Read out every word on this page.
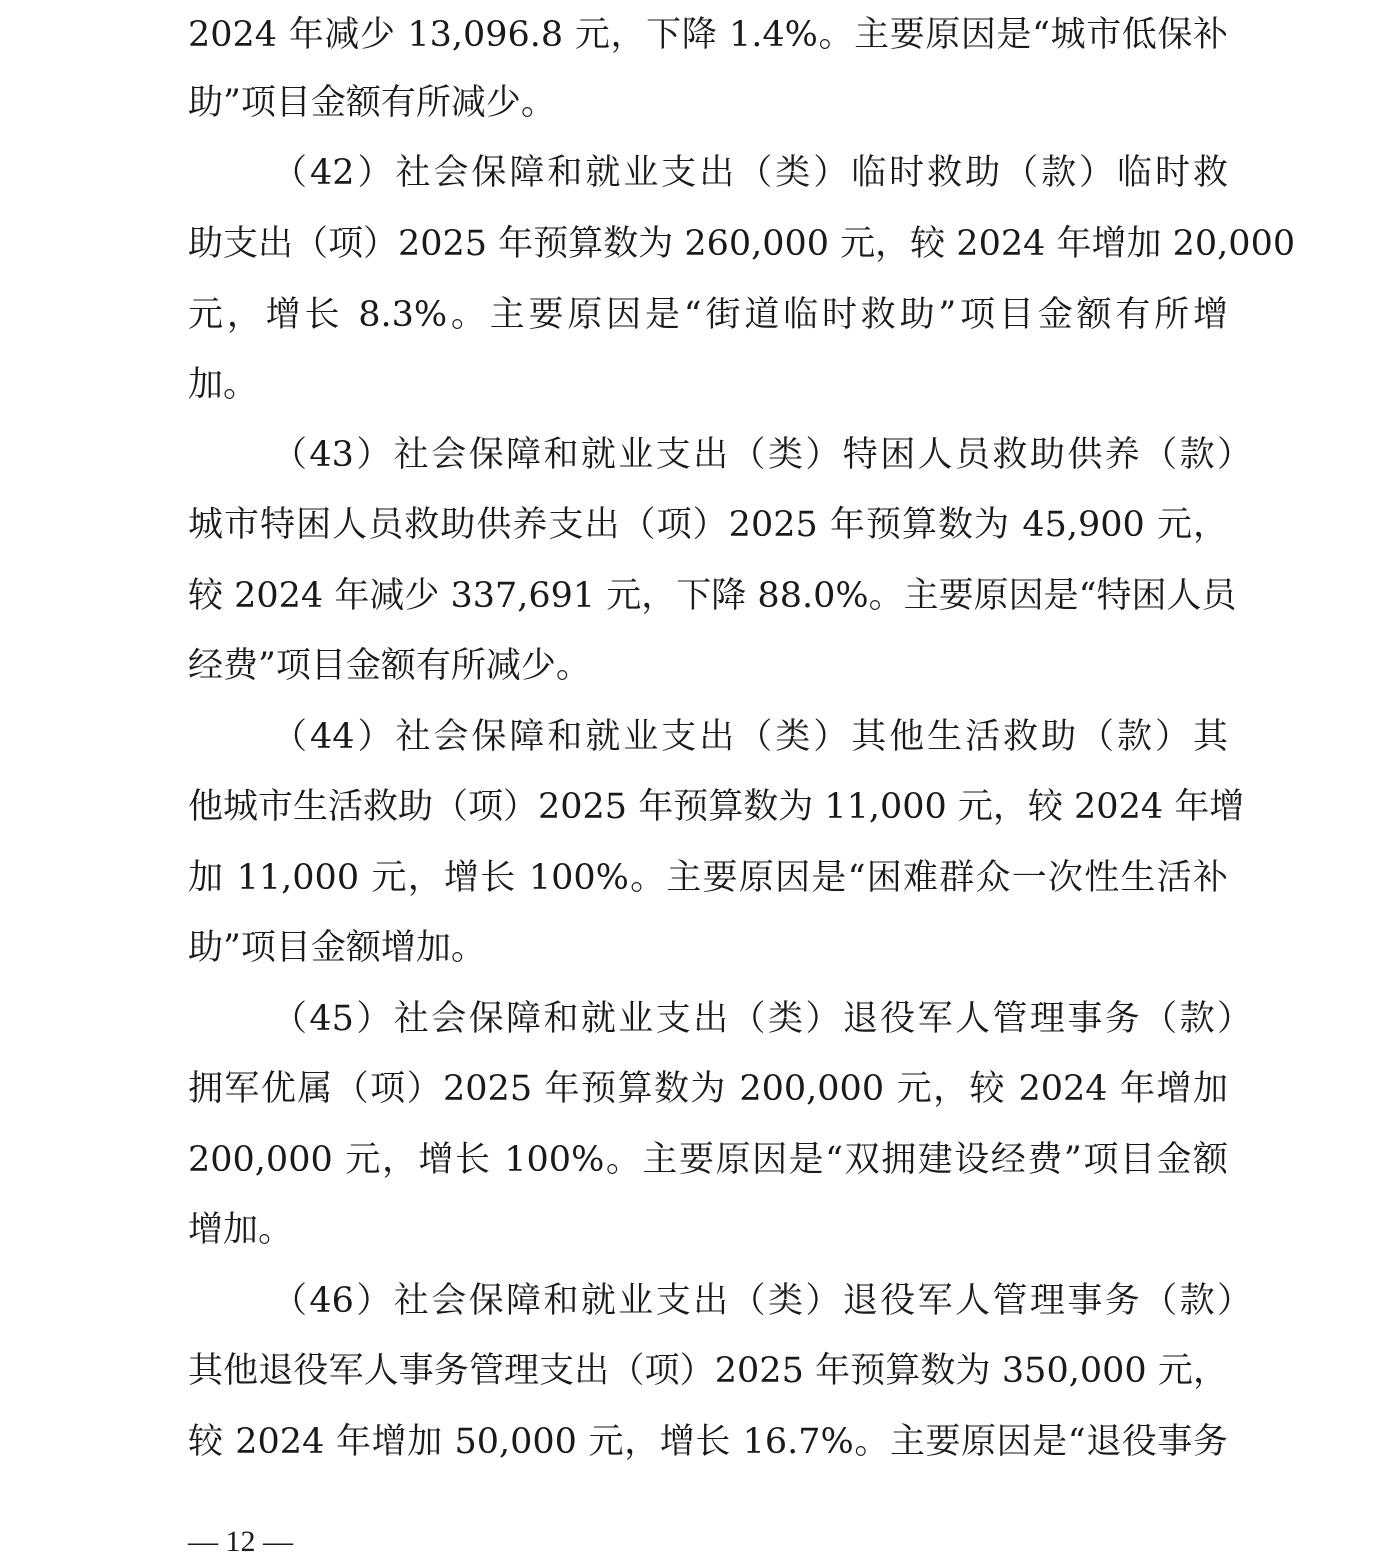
2024 年减少 13,096.8 元，下降 1.4%。主要原因是“城市低保补
助”项目金额有所减少。
（42）社会保障和就业支出（类）临时救助（款）临时救
助支出（项）2025 年预算数为 260,000 元，较 2024 年增加 20,000
元，增长 8.3%。主要原因是“街道临时救助”项目金额有所增
加。
（43）社会保障和就业支出（类）特困人员救助供养（款）
城市特困人员救助供养支出（项）2025 年预算数为 45,900 元，
较 2024 年减少 337,691 元，下降 88.0%。主要原因是“特困人员
经费”项目金额有所减少。
（44）社会保障和就业支出（类）其他生活救助（款）其
他城市生活救助（项）2025 年预算数为 11,000 元，较 2024 年增
加 11,000 元，增长 100%。主要原因是“困难群众一次性生活补
助”项目金额增加。
（45）社会保障和就业支出（类）退役军人管理事务（款）
拥军优属（项）2025 年预算数为 200,000 元，较 2024 年增加
200,000 元，增长 100%。主要原因是“双拥建设经费”项目金额
增加。
（46）社会保障和就业支出（类）退役军人管理事务（款）
其他退役军人事务管理支出（项）2025 年预算数为 350,000 元，
较 2024 年增加 50,000 元，增长 16.7%。主要原因是“退役事务
— 12 —
